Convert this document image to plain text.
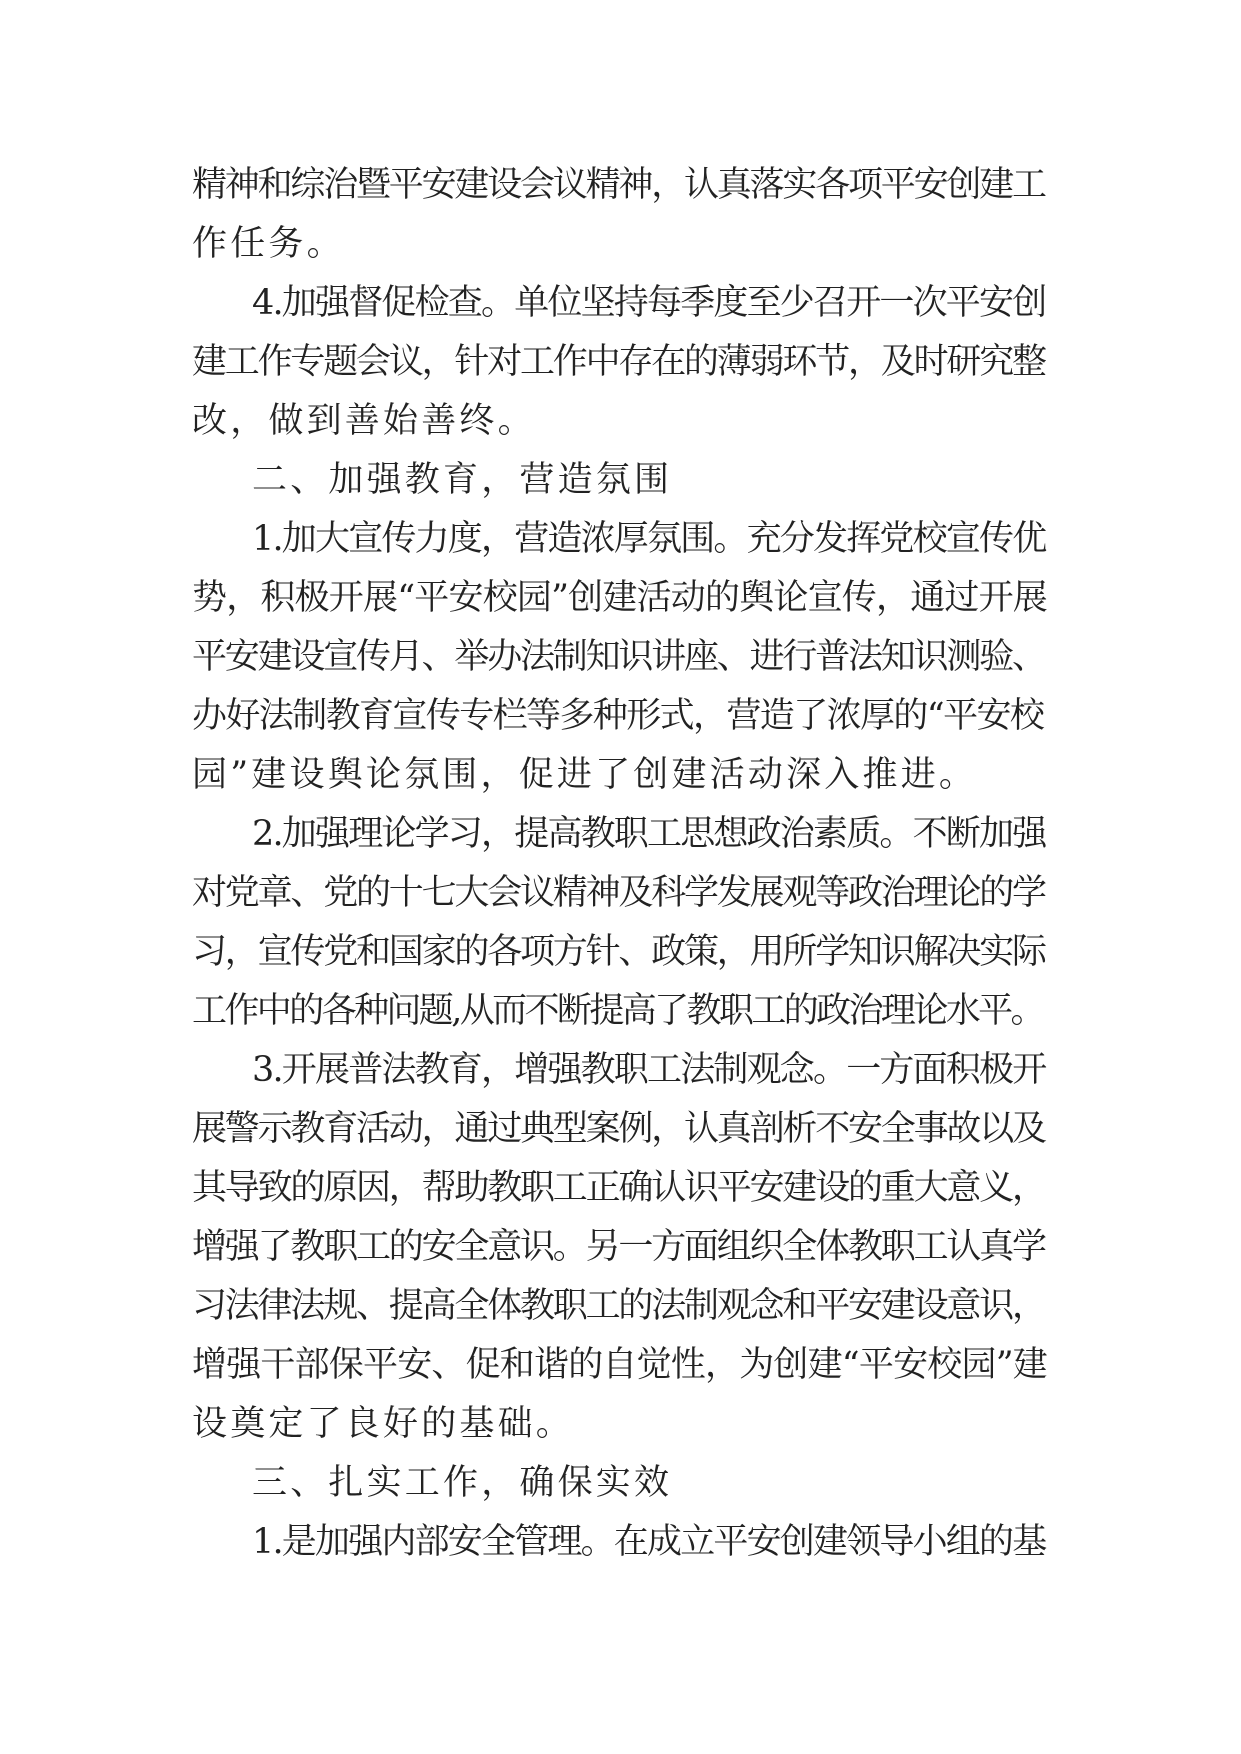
精神和综治暨平安建设会议精神，认真落实各项平安创建工
作任务。
4.加强督促检查。单位坚持每季度至少召开一次平安创
建工作专题会议，针对工作中存在的薄弱环节，及时研究整
改，做到善始善终。
二、加强教育，营造氛围
1.加大宣传力度，营造浓厚氛围。充分发挥党校宣传优
势，积极开展“平安校园”创建活动的舆论宣传，通过开展
平安建设宣传月、举办法制知识讲座、进行普法知识测验、
办好法制教育宣传专栏等多种形式，营造了浓厚的“平安校
园”建设舆论氛围，促进了创建活动深入推进。
2.加强理论学习，提高教职工思想政治素质。不断加强
对党章、党的十七大会议精神及科学发展观等政治理论的学
习，宣传党和国家的各项方针、政策，用所学知识解决实际
工作中的各种问题,从而不断提高了教职工的政治理论水平。
3.开展普法教育，增强教职工法制观念。一方面积极开
展警示教育活动，通过典型案例，认真剖析不安全事故以及
其导致的原因，帮助教职工正确认识平安建设的重大意义，
增强了教职工的安全意识。另一方面组织全体教职工认真学
习法律法规、提高全体教职工的法制观念和平安建设意识，
增强干部保平安、促和谐的自觉性，为创建“平安校园”建
设奠定了良好的基础。
三、扎实工作，确保实效
1.是加强内部安全管理。在成立平安创建领导小组的基
